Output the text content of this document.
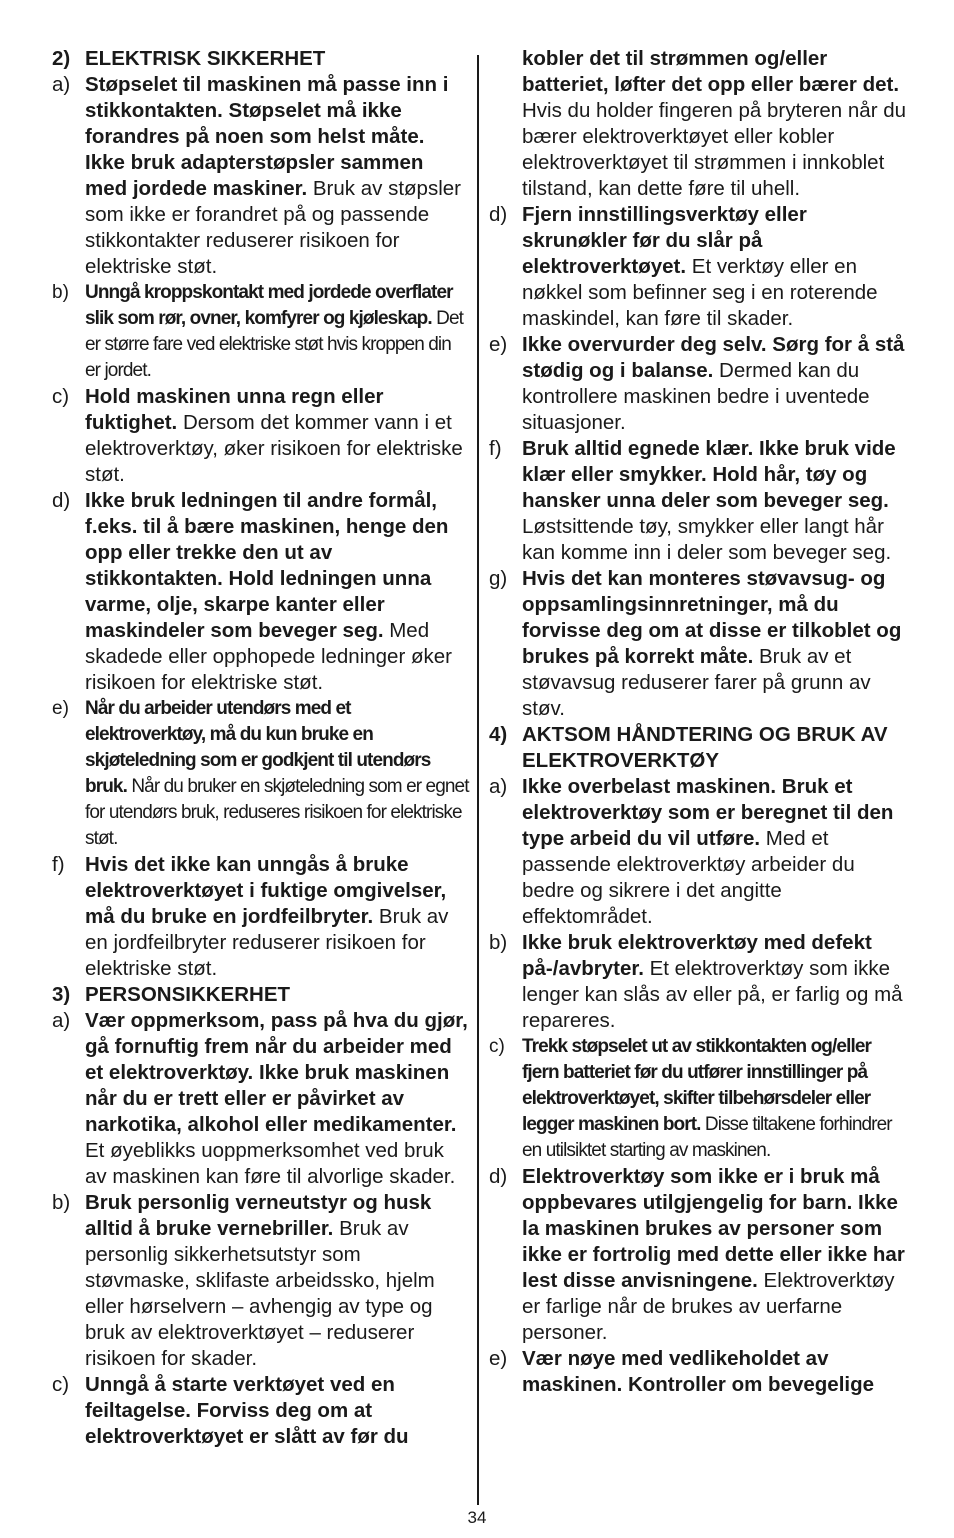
2) ELEKTRISK SIKKERHET
a) Støpselet til maskinen må passe inn i stikkontakten. Støpselet må ikke forandres på noen som helst måte. Ikke bruk adapterstøpsler sammen med jordede maskiner. Bruk av støpsler som ikke er forandret på og passende stikkontakter reduserer risikoen for elektriske støt.
b) Unngå kroppskontakt med jordede overflater slik som rør, ovner, komfyrer og kjøleskap. Det er større fare ved elektriske støt hvis kroppen din er jordet.
c) Hold maskinen unna regn eller fuktighet. Dersom det kommer vann i et elektroverktøy, øker risikoen for elektriske støt.
d) Ikke bruk ledningen til andre formål, f.eks. til å bære maskinen, henge den opp eller trekke den ut av stikkontakten. Hold ledningen unna varme, olje, skarpe kanter eller maskindeler som beveger seg. Med skadede eller opphopede ledninger øker risikoen for elektriske støt.
e) Når du arbeider utendørs med et elektroverktøy, må du kun bruke en skjøteledning som er godkjent til utendørs bruk. Når du bruker en skjøteledning som er egnet for utendørs bruk, reduseres risikoen for elektriske støt.
f) Hvis det ikke kan unngås å bruke elektroverktøyet i fuktige omgivelser, må du bruke en jordfeilbryter. Bruk av en jordfeilbryter reduserer risikoen for elektriske støt.
3) PERSONSIKKERHET
a) Vær oppmerksom, pass på hva du gjør, gå fornuftig frem når du arbeider med et elektroverktøy. Ikke bruk maskinen når du er trett eller er påvirket av narkotika, alkohol eller medikamenter. Et øyeblikks uoppmerksomhet ved bruk av maskinen kan føre til alvorlige skader.
b) Bruk personlig verneutstyr og husk alltid å bruke vernebriller. Bruk av personlig sikkerhetsutstyr som støvmaske, sklifaste arbeidssko, hjelm eller hørselvern – avhengig av type og bruk av elektroverktøyet – reduserer risikoen for skader.
c) Unngå å starte verktøyet ved en feiltagelse. Forviss deg om at elektroverktøyet er slått av før du
kobler det til strømmen og/eller batteriet, løfter det opp eller bærer det. Hvis du holder fingeren på bryteren når du bærer elektroverktøyet eller kobler elektroverktøyet til strømmen i innkoblet tilstand, kan dette føre til uhell.
d) Fjern innstillingsverktøy eller skrunøkler før du slår på elektroverktøyet. Et verktøy eller en nøkkel som befinner seg i en roterende maskindel, kan føre til skader.
e) Ikke overvurder deg selv. Sørg for å stå stødig og i balanse. Dermed kan du kontrollere maskinen bedre i uventede situasjoner.
f) Bruk alltid egnede klær. Ikke bruk vide klær eller smykker. Hold hår, tøy og hansker unna deler som beveger seg. Løstsittende tøy, smykker eller langt hår kan komme inn i deler som beveger seg.
g) Hvis det kan monteres støvavsug- og oppsamlingsinnretninger, må du forvisse deg om at disse er tilkoblet og brukes på korrekt måte. Bruk av et støvavsug reduserer farer på grunn av støv.
4) AKTSOM HÅNDTERING OG BRUK AV ELEKTROVERKTØY
a) Ikke overbelast maskinen. Bruk et elektroverktøy som er beregnet til den type arbeid du vil utføre. Med et passende elektroverktøy arbeider du bedre og sikrere i det angitte effektområdet.
b) Ikke bruk elektroverktøy med defekt på-/avbryter. Et elektroverktøy som ikke lenger kan slås av eller på, er farlig og må repareres.
c) Trekk støpselet ut av stikkontakten og/eller fjern batteriet før du utfører innstillinger på elektroverktøyet, skifter tilbehørsdeler eller legger maskinen bort. Disse tiltakene forhindrer en utilsiktet starting av maskinen.
d) Elektroverktøy som ikke er i bruk må oppbevares utilgjengelig for barn. Ikke la maskinen brukes av personer som ikke er fortrolig med dette eller ikke har lest disse anvisningene. Elektroverktøy er farlige når de brukes av uerfarne personer.
e) Vær nøye med vedlikeholdet av maskinen. Kontroller om bevegelige
34
